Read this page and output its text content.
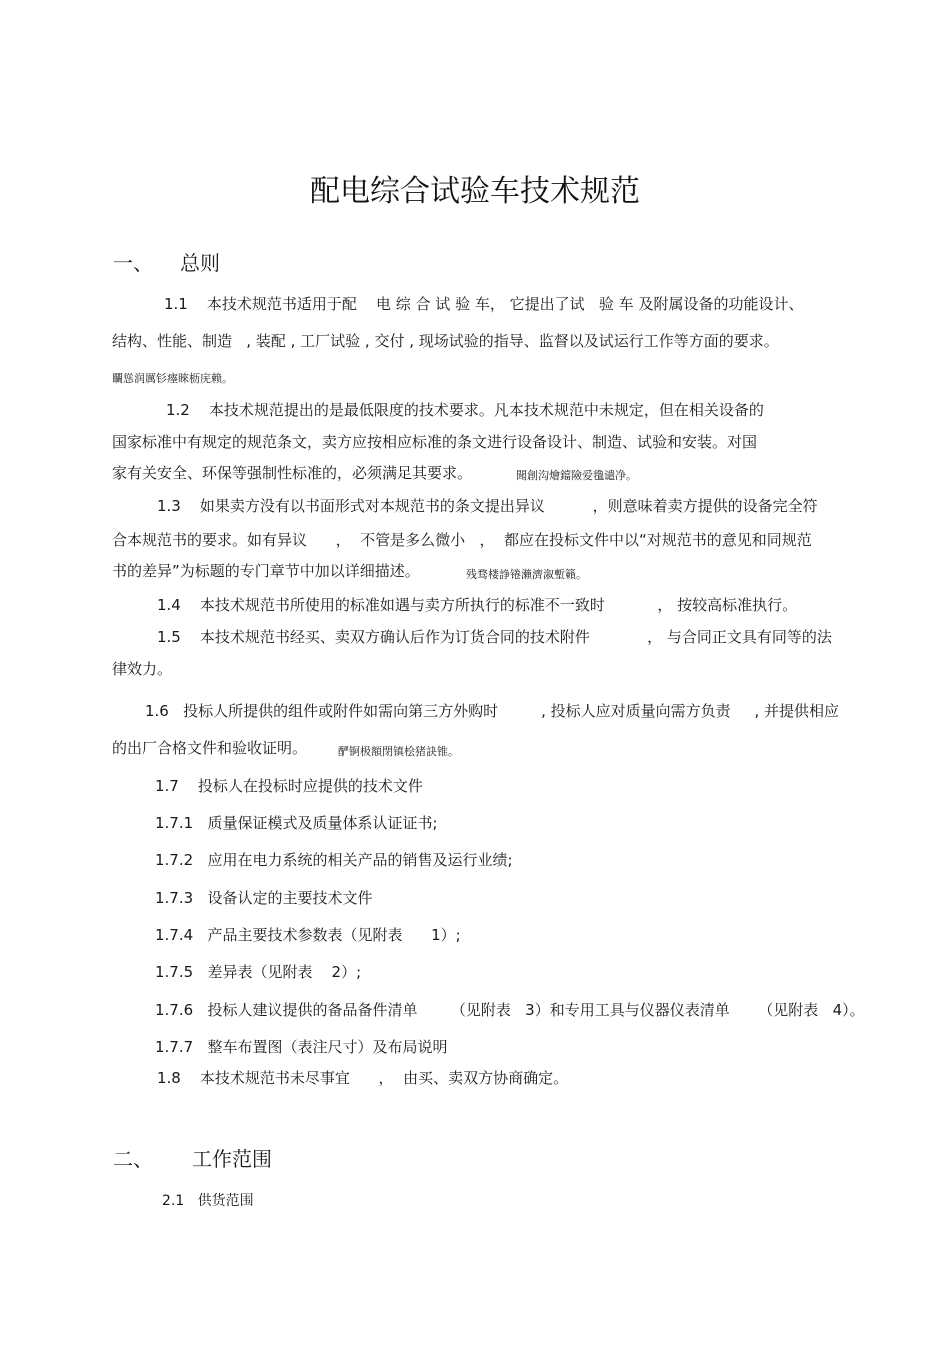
配电综合试验车技术规范
一、 总则
1.1    本技术规范书适用于配    电 综 合 试 验 车， 它提出了试   验 车 及附属设备的功能设计、
结构、性能、制造   , 装配 , 工厂试验 , 交付 , 现场试验的指导、监督以及试运行工作等方面的要求。
矙慫润厲钐瘞睞枥庑赖。
1.2    本技术规范提出的是最低限度的技术要求。凡本技术规范中未规定，但在相关设备的
国家标准中有规定的规范条文，卖方应按相应标准的条文进行设备设计、制造、试验和安装。对国
家有关安全、环保等强制性标准的，必须满足其要求。	聞創沟燴鐺險爱氇谴净。
1.3    如果卖方没有以书面形式对本规范书的条文提出异议          ，则意味着卖方提供的设备完全符
合本规范书的要求。如有异议      ，  不管是多么微小   ，  都应在投标文件中以“对规范书的意见和同规范
书的差异”为标题的专门章节中加以详细描述。	残骛楼諍锩瀨濟溆塹籟。
1.4    本技术规范书所使用的标准如遇与卖方所执行的标准不一致时           ， 按较高标准执行。
1.5    本技术规范书经买、卖双方确认后作为订货合同的技术附件            ， 与合同正文具有同等的法
律效力。
1.6   投标人所提供的组件或附件如需向第三方外购时         , 投标人应对质量向需方负责     , 并提供相应
的出厂合格文件和验收证明。	酽锕极額閉镇桧猪訣锥。
1.7    投标人在投标时应提供的技术文件
1.7.1   质量保证模式及质量体系认证证书;
1.7.2   应用在电力系统的相关产品的销售及运行业绩;
1.7.3   设备认定的主要技术文件
1.7.4   产品主要技术参数表（见附表      1）;
1.7.5   差异表（见附表    2）;
1.7.6   投标人建议提供的备品备件清单       （见附表   3）和专用工具与仪器仪表清单      （见附表   4）。
1.7.7   整车布置图（表注尺寸）及布局说明
1.8    本技术规范书未尽事宜      ，  由买、卖双方协商确定。
二、 工作范围
2.1   供货范围
